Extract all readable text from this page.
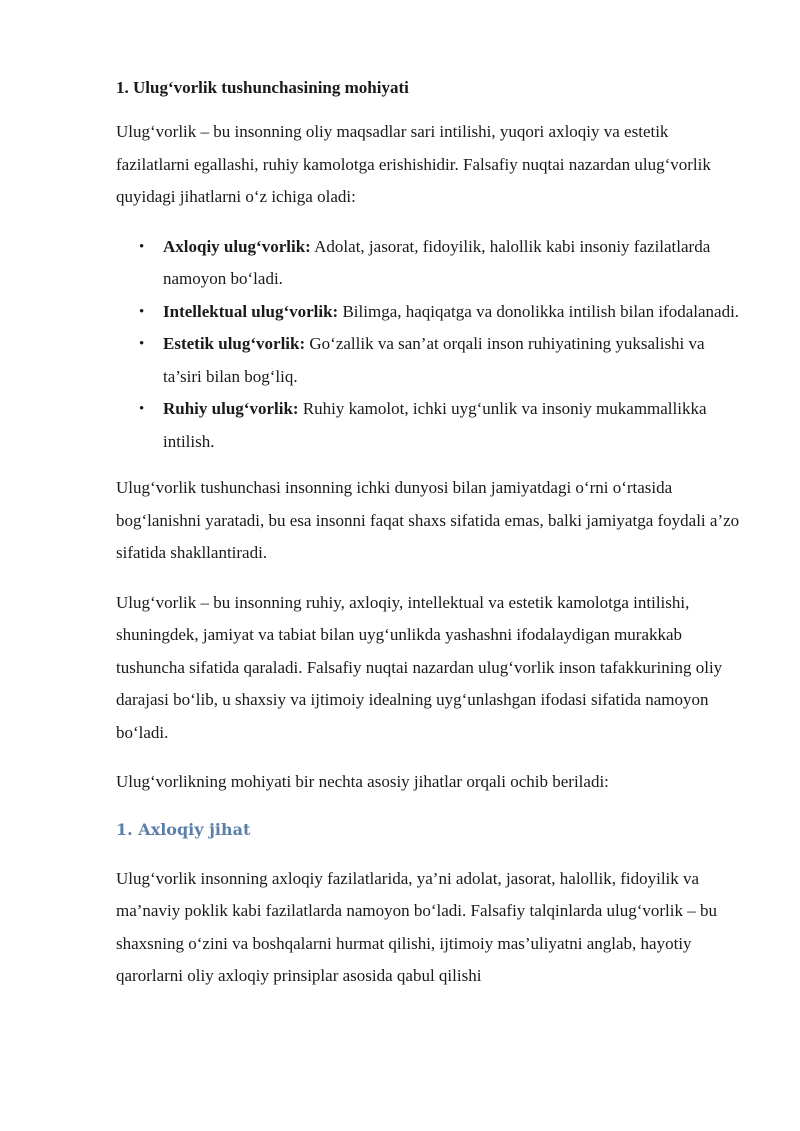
1. Ulug‘vorlik tushunchasining mohiyati

Ulug‘vorlik – bu insonning oliy maqsadlar sari intilishi, yuqori axloqiy va estetik fazilatlarni egallashi, ruhiy kamolotga erishishidir. Falsafiy nuqtai nazardan ulug‘vorlik quyidagi jihatlarni o‘z ichiga oladi:

• Axloqiy ulug‘vorlik: Adolat, jasorat, fidoyilik, halollik kabi insoniy fazilatlarda namoyon bo‘ladi.
• Intellektual ulug‘vorlik: Bilimga, haqiqatga va donolikka intilish bilan ifodalanadi.
• Estetik ulug‘vorlik: Go‘zallik va san’at orqali inson ruhiyatining yuksalishi va ta’siri bilan bog‘liq.
• Ruhiy ulug‘vorlik: Ruhiy kamolot, ichki uyg‘unlik va insoniy mukammallikka intilish.

Ulug‘vorlik tushunchasi insonning ichki dunyosi bilan jamiyatdagi o‘rni o‘rtasida bog‘lanishni yaratadi, bu esa insonni faqat shaxs sifatida emas, balki jamiyatga foydali a’zo sifatida shakllantiradi.

Ulug‘vorlik – bu insonning ruhiy, axloqiy, intellektual va estetik kamolotga intilishi, shuningdek, jamiyat va tabiat bilan uyg‘unlikda yashashni ifodalaydigan murakkab tushuncha sifatida qaraladi. Falsafiy nuqtai nazardan ulug‘vorlik inson tafakkurining oliy darajasi bo‘lib, u shaxsiy va ijtimoiy idealning uyg‘unlashgan ifodasi sifatida namoyon bo‘ladi.

Ulug‘vorlikning mohiyati bir nechta asosiy jihatlar orqali ochib beriladi:

1. Axloqiy jihat

Ulug‘vorlik insonning axloqiy fazilatlarida, ya’ni adolat, jasorat, halollik, fidoyilik va ma’naviy poklik kabi fazilatlarda namoyon bo‘ladi. Falsafiy talqinlarda ulug‘vorlik – bu shaxsning o‘zini va boshqalarni hurmat qilishi, ijtimoiy mas’uliyatni anglab, hayotiy qarorlarni oliy axloqiy prinsiplar asosida qabul qilishi
